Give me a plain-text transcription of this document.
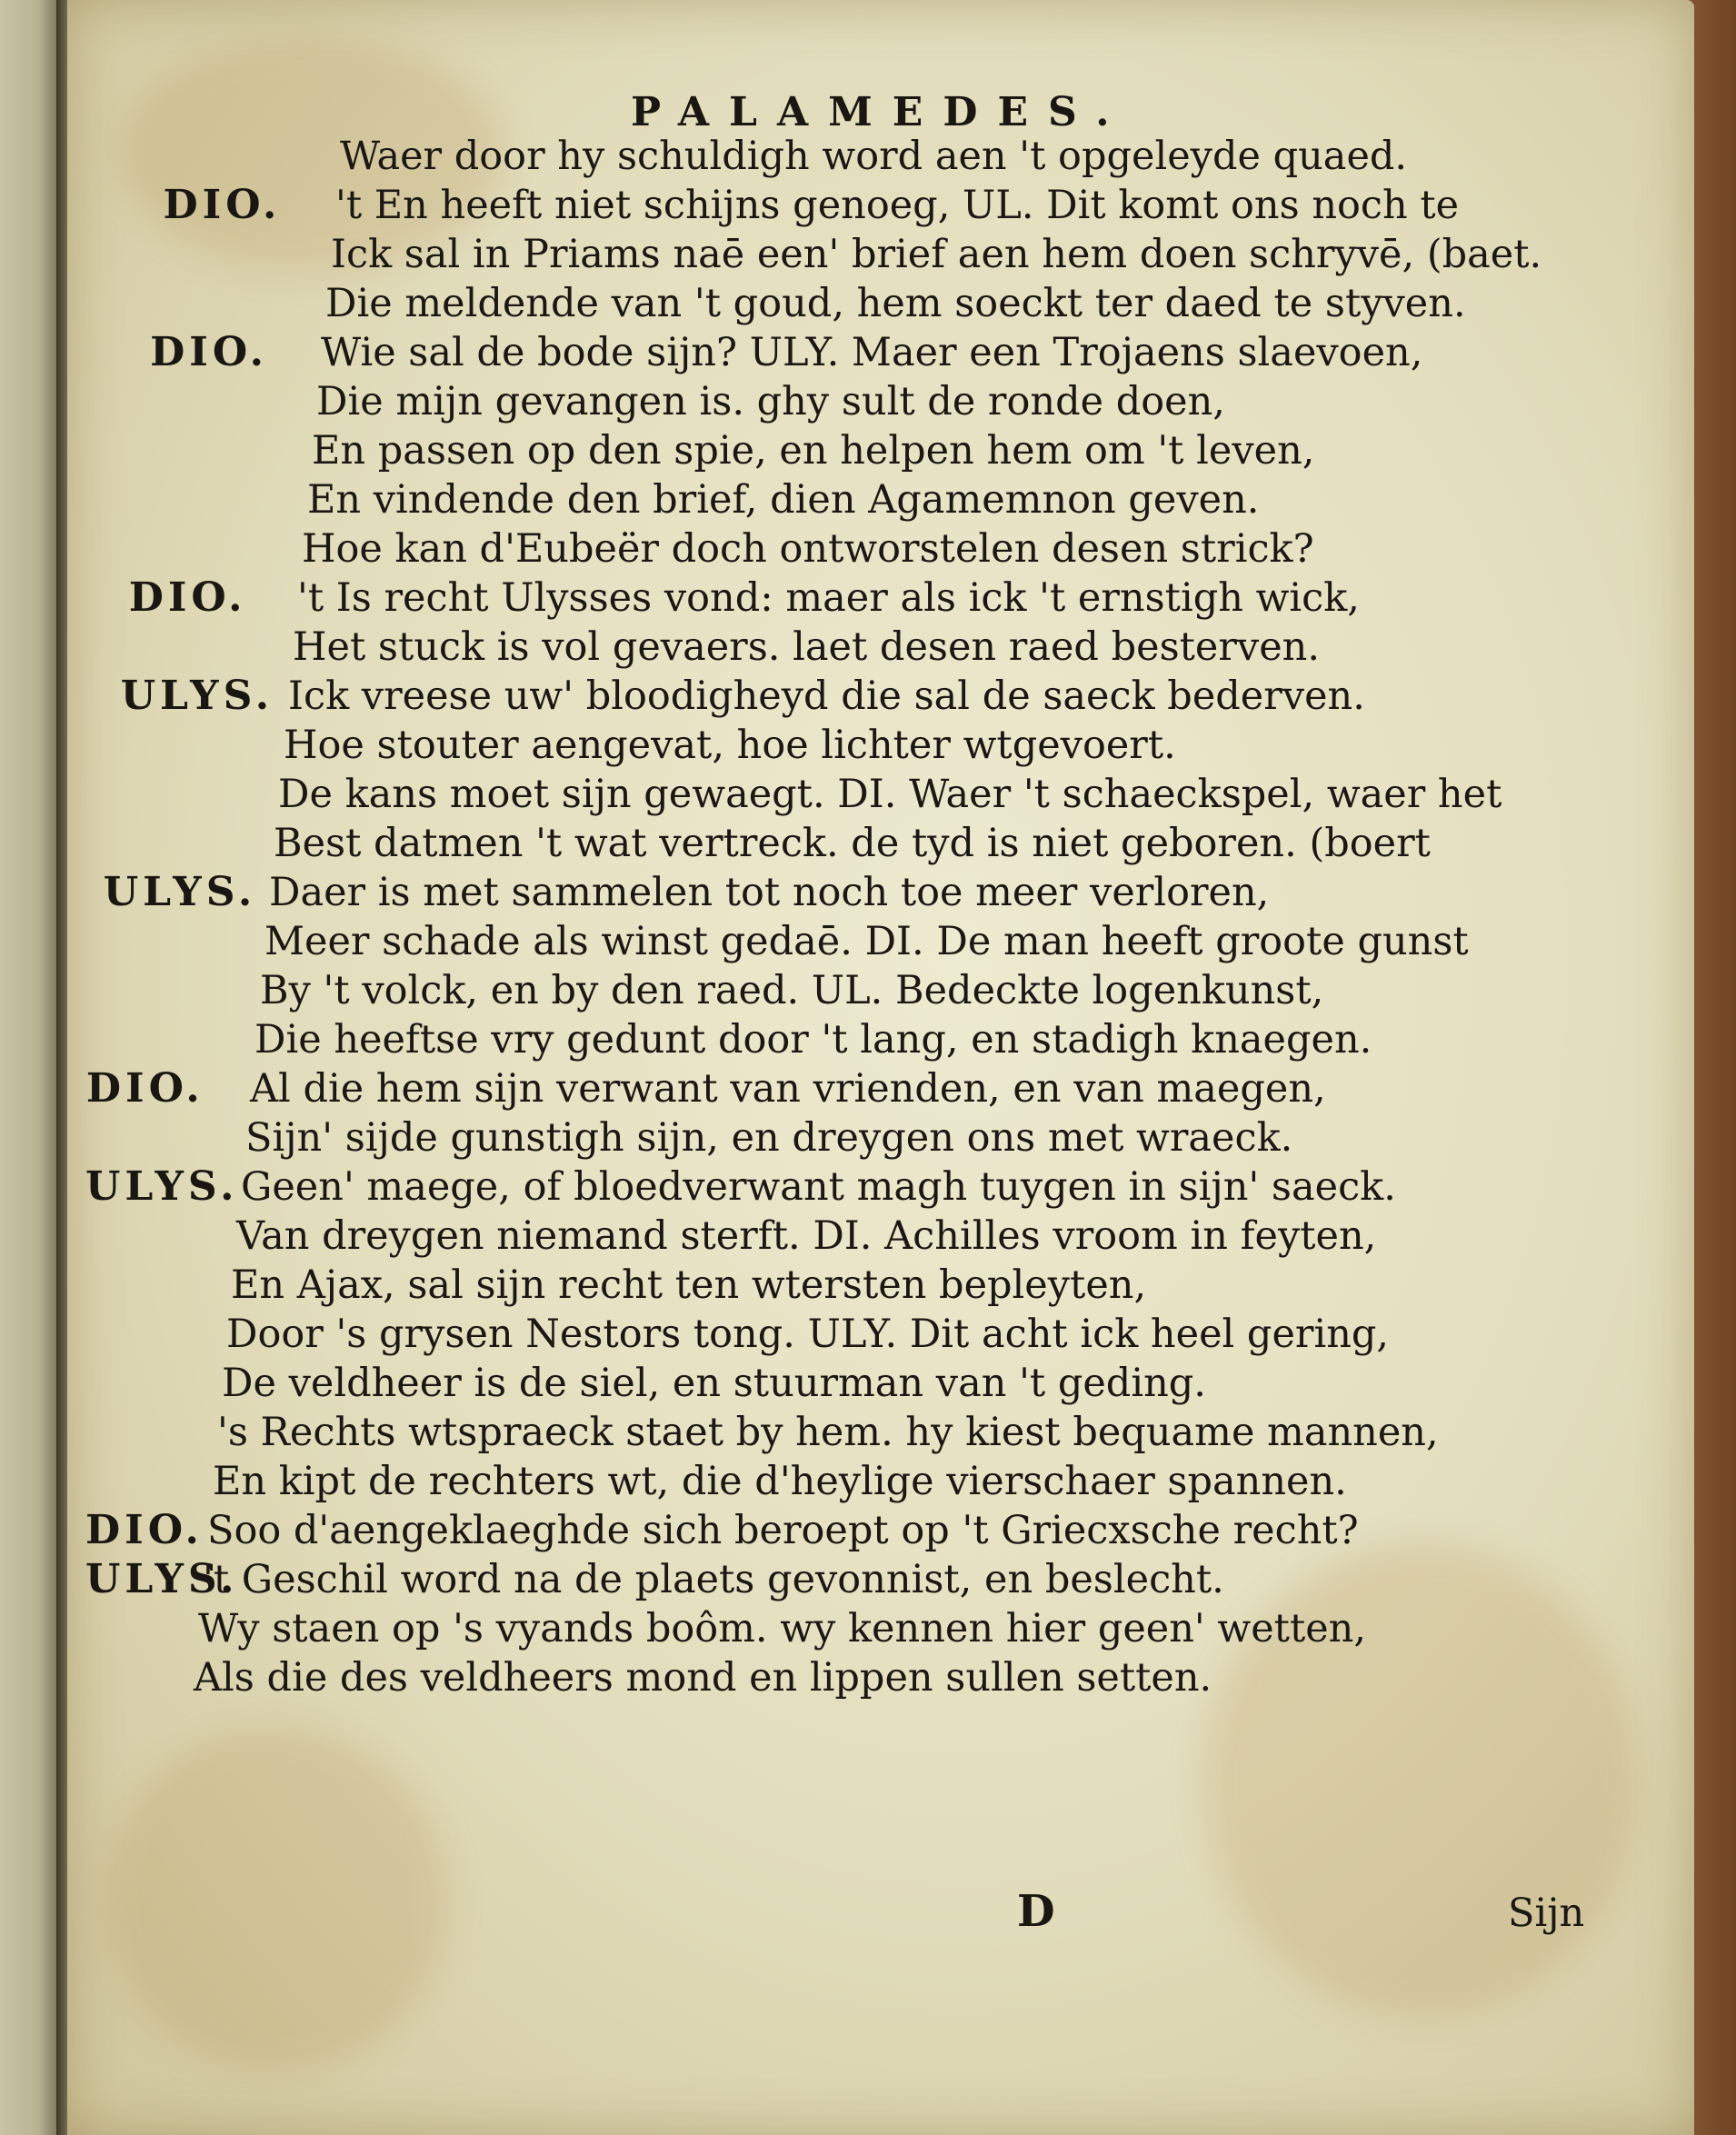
PALAMEDES.
Waer door hy schuldigh word aen 't opgeleyde quaed.
DIO. 't En heeft niet schijns genoeg, UL. Dit komt ons noch te
Ick sal in Priams naē een' brief aen hem doen schryvē, (baet.
Die meldende van 't goud, hem soeckt ter daed te styven.
DIO. Wie sal de bode sijn? ULY. Maer een Trojaens slaevoen,
Die mijn gevangen is. ghy sult de ronde doen,
En passen op den spie, en helpen hem om 't leven,
En vindende den brief, dien Agamemnon geven.
Hoe kan d'Eubeër doch ontworstelen desen strick?
DIO. 't Is recht Ulysses vond: maer als ick 't ernstigh wick,
Het stuck is vol gevaers. laet desen raed besterven.
ULYS. Ick vreese uw' bloodigheyd die sal de saeck bederven.
Hoe stouter aengevat, hoe lichter wtgevoert.
De kans moet sijn gewaegt. DI. Waer 't schaeckspel, waer het
Best datmen 't wat vertreck. de tyd is niet geboren. (boert
ULYS. Daer is met sammelen tot noch toe meer verloren,
Meer schade als winst gedaē. DI. De man heeft groote gunst
By 't volck, en by den raed. UL. Bedeckte logenkunst,
Die heeftse vry gedunt door 't lang, en stadigh knaegen.
DIO. Al die hem sijn verwant van vrienden, en van maegen,
Sijn' sijde gunstigh sijn, en dreygen ons met wraeck.
ULYS. Geen' maege, of bloedverwant magh tuygen in sijn' saeck.
Van dreygen niemand sterft. DI. Achilles vroom in feyten,
En Ajax, sal sijn recht ten wtersten bepleyten,
Door 's grysen Nestors tong. ULY. Dit acht ick heel gering,
De veldheer is de siel, en stuurman van 't geding.
's Rechts wtspraeck staet by hem. hy kiest bequame mannen,
En kipt de rechters wt, die d'heylige vierschaer spannen.
DIO. Soo d'aengeklaeghde sich beroept op 't Griecxsche recht?
ULYS.
't Geschil word na de plaets gevonnist, en beslecht.
Wy staen op 's vyands boôm. wy kennen hier geen' wetten,
Als die des veldheers mond en lippen sullen setten.
D	Sijn
